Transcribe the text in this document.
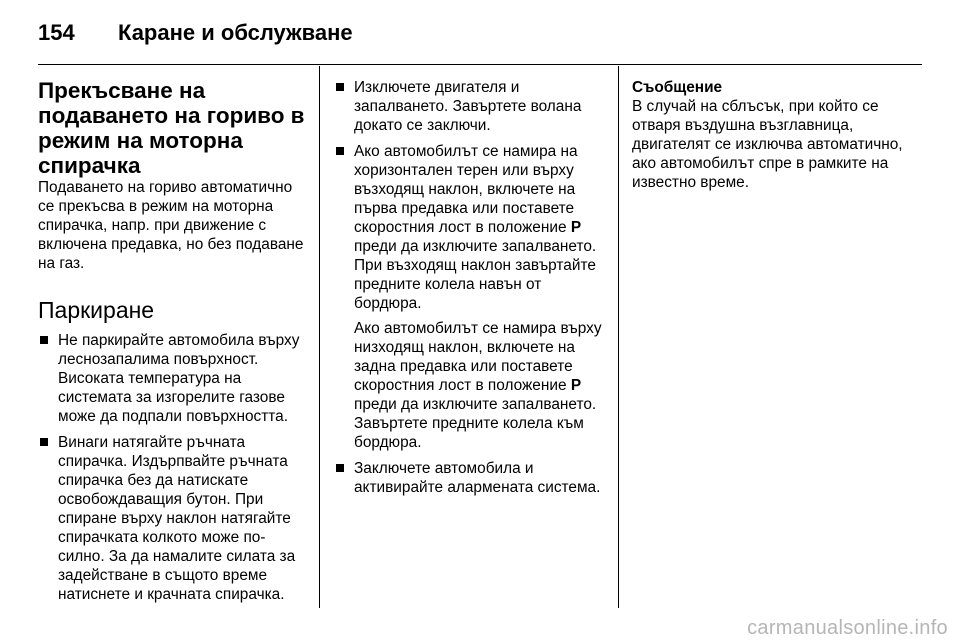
154 Каране и обслужване
Прекъсване на подаването на гориво в режим на моторна спирачка

Подаването на гориво автоматично се прекъсва в режим на моторна спирачка, напр. при движение с включена предавка, но без подаване на газ.

Паркиране
Не паркирайте автомобила върху леснозапалима повърхност. Високата температура на системата за изгорелите газове може да подпали повърхността.
Винаги натягайте ръчната спирачка. Издърпвайте ръчната спирачка без да натискате освобождаващия бутон. При спиране върху наклон натягайте спирачката колкото може по-силно. За да намалите силата за задействане в същото време натиснете и крачната спирачка.
Изключете двигателя и запалването. Завъртете волана докато се заключи.
Ако автомобилът се намира на хоризонтален терен или върху възходящ наклон, включете на първа предавка или поставете скоростния лост в положение P преди да изключите запалването. При възходящ наклон завъртайте предните колела навън от бордюра.

Ако автомобилът се намира върху низходящ наклон, включете на задна предавка или поставете скоростния лост в положение P преди да изключите запалването. Завъртете предните колела към бордюра.

Заключете автомобила и активирайте алармената система.

Съобщение

В случай на сблъсък, при който се отваря въздушна възглавница, двигателят се изключва автоматично, ако автомобилът спре в рамките на известно време.

carmanualsonline.info
